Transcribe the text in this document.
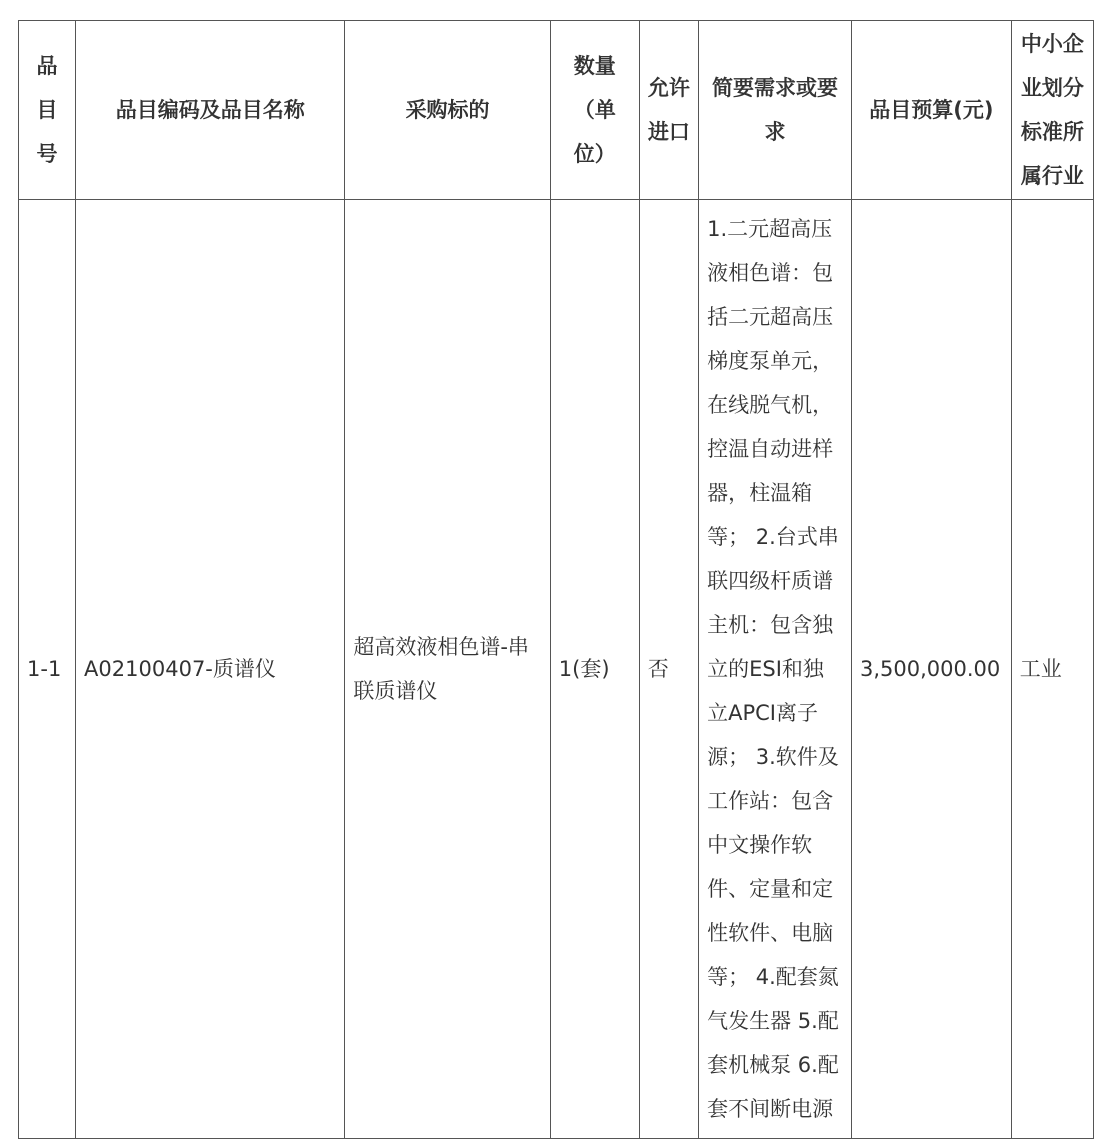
品目号	品目编码及品目名称	采购标的	数量（单位）	允许进口	简要需求或要求	品目预算(元)	中小企业划分标准所属行业
1-1	A02100407-质谱仪	超高效液相色谱-串联质谱仪	1(套)	否	1.二元超高压液相色谱：包括二元超高压梯度泵单元，在线脱气机，控温自动进样器，柱温箱等； 2.台式串联四级杆质谱主机：包含独立的ESI和独立APCI离子源； 3.软件及工作站：包含中文操作软件、定量和定性软件、电脑等； 4.配套氮气发生器 5.配套机械泵 6.配套不间断电源	3,500,000.00	工业
